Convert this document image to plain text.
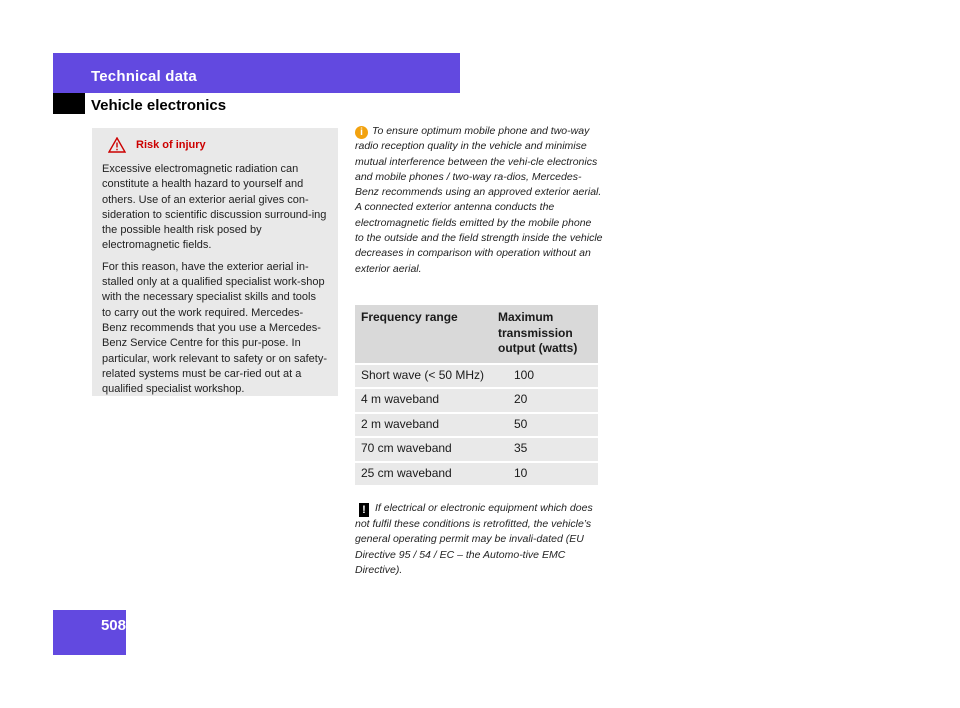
Technical data
Vehicle electronics
Risk of injury

Excessive electromagnetic radiation can constitute a health hazard to yourself and others. Use of an exterior aerial gives con-sideration to scientific discussion surround-ing the possible health risk posed by electromagnetic fields.

For this reason, have the exterior aerial in-stalled only at a qualified specialist work-shop with the necessary specialist skills and tools to carry out the work required. Mercedes-Benz recommends that you use a Mercedes-Benz Service Centre for this pur-pose. In particular, work relevant to safety or on safety-related systems must be car-ried out at a qualified specialist workshop.

i To ensure optimum mobile phone and two-way radio reception quality in the vehicle and minimise mutual interference between the vehi-cle electronics and mobile phones / two-way ra-dios, Mercedes-Benz recommends using an approved exterior aerial. A connected exterior antenna conducts the electromagnetic fields emitted by the mobile phone to the outside and the field strength inside the vehicle decreases in comparison with operation without an exterior aerial.
Frequency range	Maximum transmission output (watts)
Short wave (< 50 MHz)	100
4 m waveband	20
2 m waveband	50
70 cm waveband	35
25 cm waveband	10
! If electrical or electronic equipment which does not fulfil these conditions is retrofitted, the vehicle’s general operating permit may be invali-dated (EU Directive 95 / 54 / EC – the Automo-tive EMC Directive).
508
